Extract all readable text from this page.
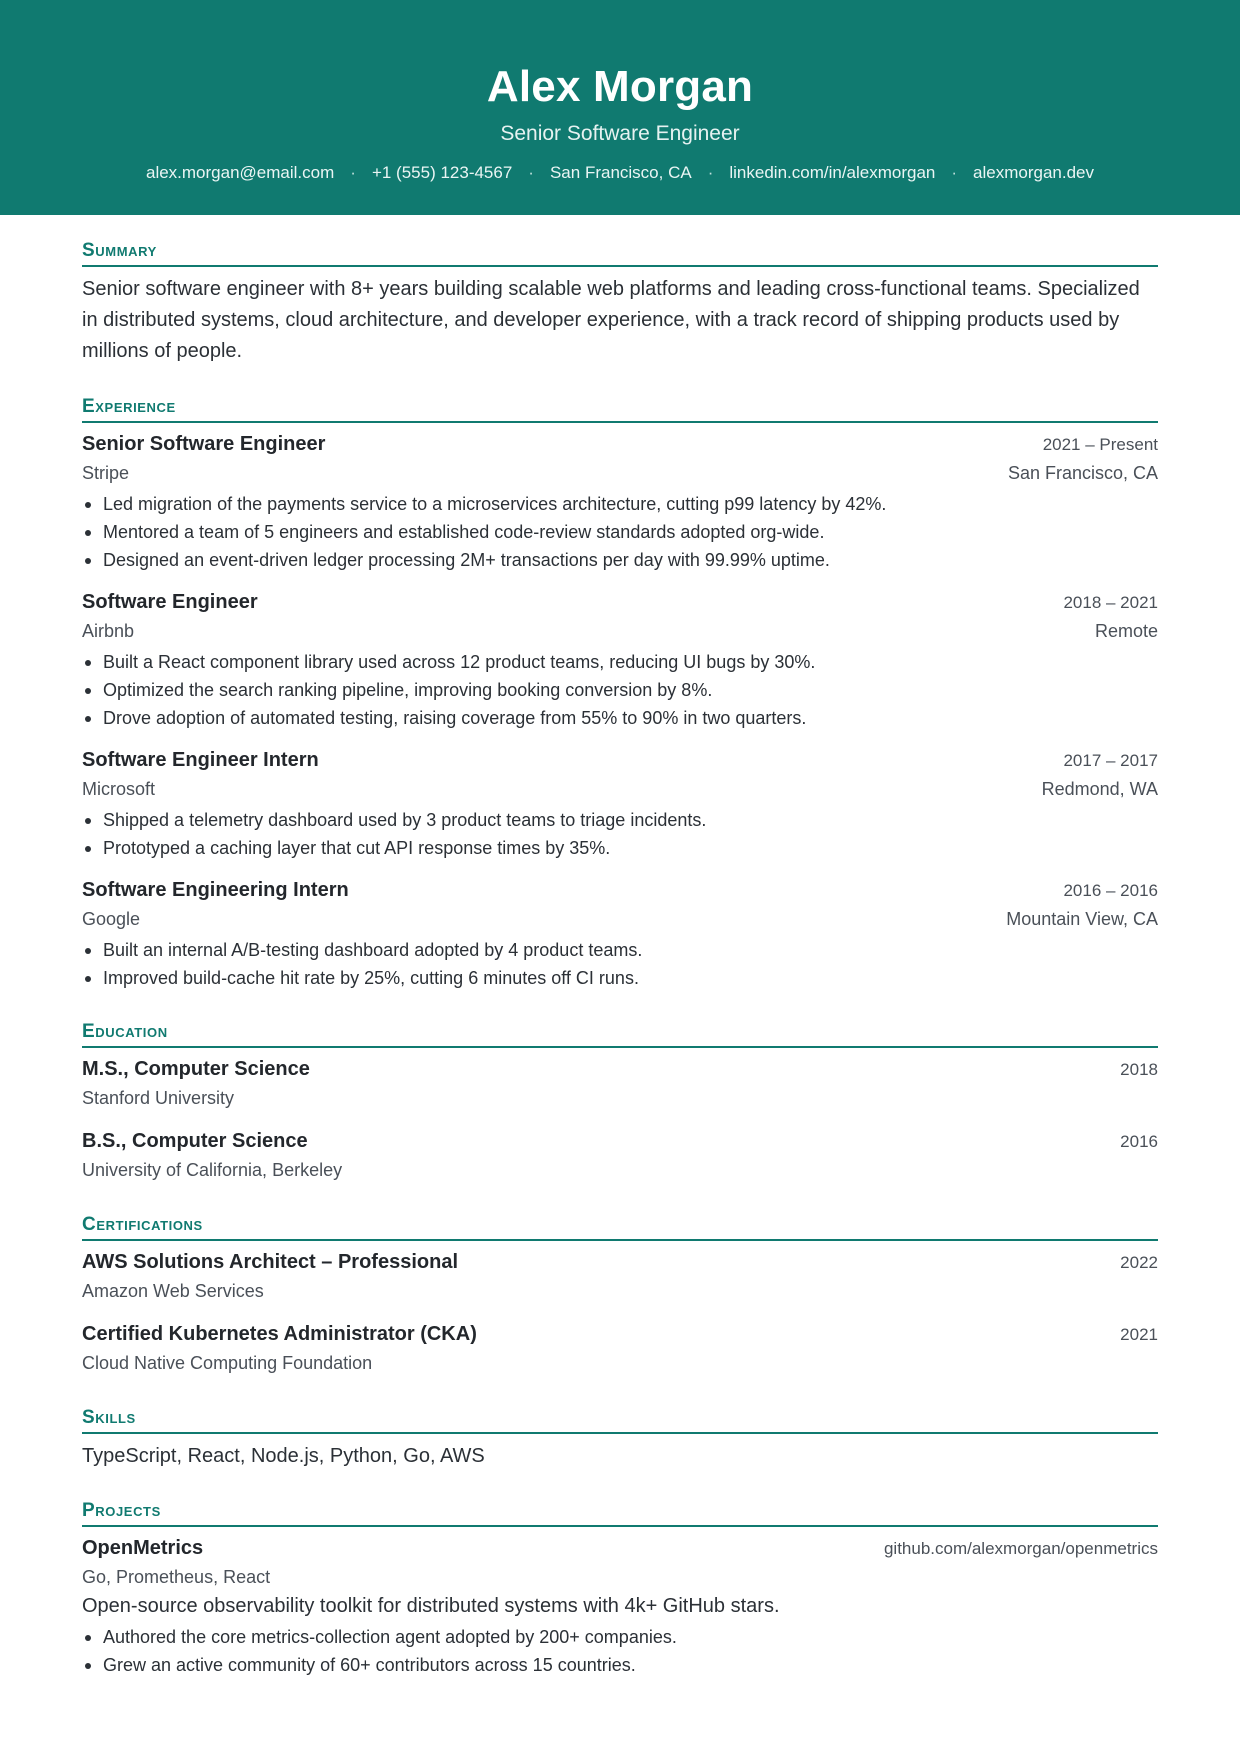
Alex Morgan
Senior Software Engineer
alex.morgan@email.com · +1 (555) 123-4567 · San Francisco, CA · linkedin.com/in/alexmorgan · alexmorgan.dev
Summary

Senior software engineer with 8+ years building scalable web platforms and leading cross-functional teams. Specialized in distributed systems, cloud architecture, and developer experience, with a track record of shipping products used by millions of people.

Experience
Senior Software Engineer	2021 – Present
Stripe	San Francisco, CA
Led migration of the payments service to a microservices architecture, cutting p99 latency by 42%.
Mentored a team of 5 engineers and established code-review standards adopted org-wide.
Designed an event-driven ledger processing 2M+ transactions per day with 99.99% uptime.
Software Engineer	2018 – 2021
Airbnb	Remote
Built a React component library used across 12 product teams, reducing UI bugs by 30%.
Optimized the search ranking pipeline, improving booking conversion by 8%.
Drove adoption of automated testing, raising coverage from 55% to 90% in two quarters.
Software Engineer Intern	2017 – 2017
Microsoft	Redmond, WA
Shipped a telemetry dashboard used by 3 product teams to triage incidents.
Prototyped a caching layer that cut API response times by 35%.
Software Engineering Intern	2016 – 2016
Google	Mountain View, CA
Built an internal A/B-testing dashboard adopted by 4 product teams.
Improved build-cache hit rate by 25%, cutting 6 minutes off CI runs.
Education
M.S., Computer Science	2018
Stanford University
B.S., Computer Science	2016
University of California, Berkeley
Certifications
AWS Solutions Architect – Professional	2022
Amazon Web Services
Certified Kubernetes Administrator (CKA)	2021
Cloud Native Computing Foundation
Skills
TypeScript, React, Node.js, Python, Go, AWS
Projects
OpenMetrics	github.com/alexmorgan/openmetrics
Go, Prometheus, React
Open-source observability toolkit for distributed systems with 4k+ GitHub stars.
Authored the core metrics-collection agent adopted by 200+ companies.
Grew an active community of 60+ contributors across 15 countries.
